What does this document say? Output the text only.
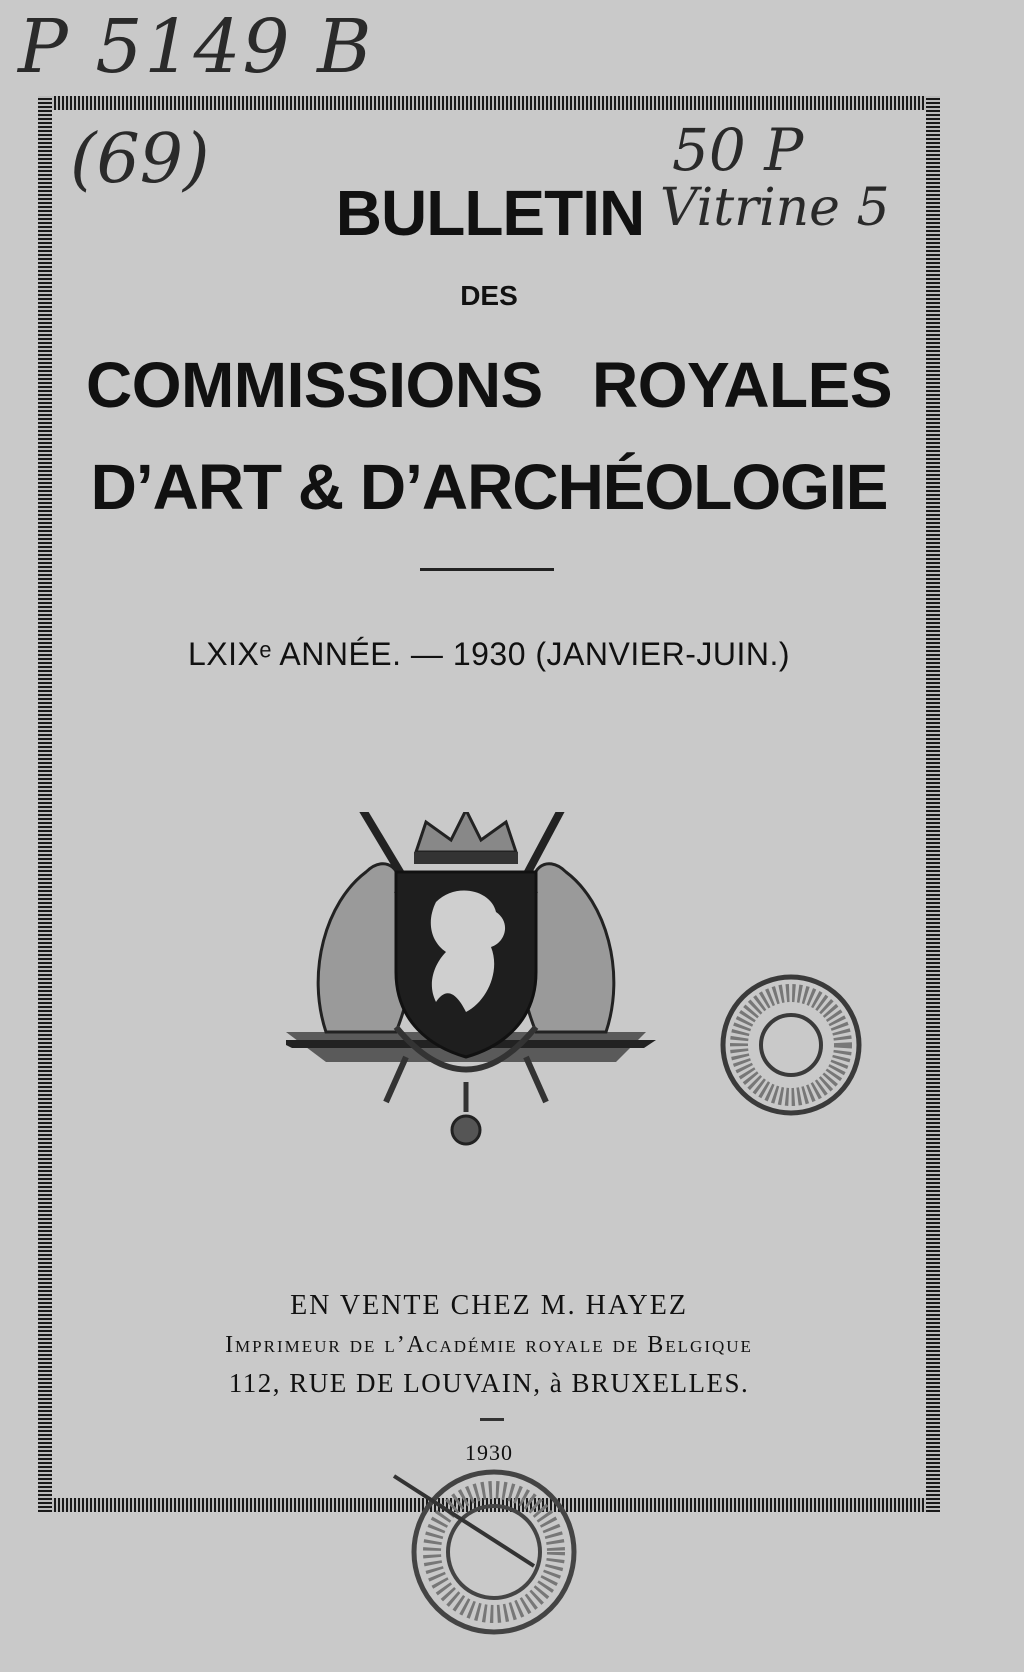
P 5149 B
(69)	50 P
Vitrine 5
BULLETIN
DES
COMMISSIONS ROYALES
D’ART & D’ARCHÉOLOGIE
LXIXᵉ ANNÉE. — 1930 (JANVIER-JUIN.)
EN VENTE CHEZ M. HAYEZ
Imprimeur de l’Académie royale de Belgique
112, RUE DE LOUVAIN, à BRUXELLES.
1930
